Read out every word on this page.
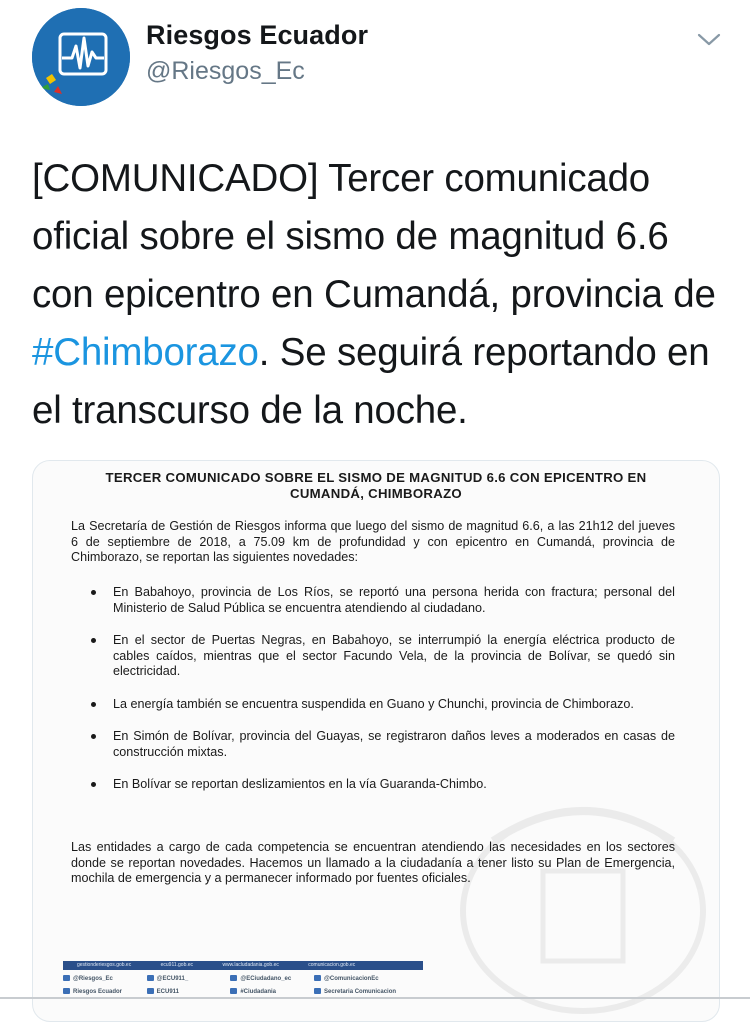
Riesgos Ecuador
@Riesgos_Ec
[COMUNICADO] Tercer comunicado oficial sobre el sismo de magnitud 6.6 con epicentro en Cumandá, provincia de #Chimborazo. Se seguirá reportando en el transcurso de la noche.
TERCER COMUNICADO SOBRE EL SISMO DE MAGNITUD 6.6 CON EPICENTRO EN CUMANDÁ, CHIMBORAZO
La Secretaría de Gestión de Riesgos informa que luego del sismo de magnitud 6.6, a las 21h12 del jueves 6 de septiembre de 2018, a 75.09 km de profundidad y con epicentro en Cumandá, provincia de Chimborazo, se reportan las siguientes novedades:
En Babahoyo, provincia de Los Ríos, se reportó una persona herida con fractura; personal del Ministerio de Salud Pública se encuentra atendiendo al ciudadano.
En el sector de Puertas Negras, en Babahoyo, se interrumpió la energía eléctrica producto de cables caídos, mientras que el sector Facundo Vela, de la provincia de Bolívar, se quedó sin electricidad.
La energía también se encuentra suspendida en Guano y Chunchi, provincia de Chimborazo.
En Simón de Bolívar, provincia del Guayas, se registraron daños leves a moderados en casas de construcción mixtas.
En Bolívar se reportan deslizamientos en la vía Guaranda-Chimbo.
Las entidades a cargo de cada competencia se encuentran atendiendo las necesidades en los sectores donde se reportan novedades. Hacemos un llamado a la ciudadanía a tener listo su Plan de Emergencia, mochila de emergencia y a permanecer informado por fuentes oficiales.
gestionderiesgos.gob.ec	ecu911.gob.ec	www.lacludadania.gob.ec	comunicacion.gob.ec
@Riesgos_Ec	@ECU911_	@ECiudadano_ec	@ComunicacionEc
Riesgos Ecuador	ECU911	#Ciudadania	Secretaria Comunicacion
